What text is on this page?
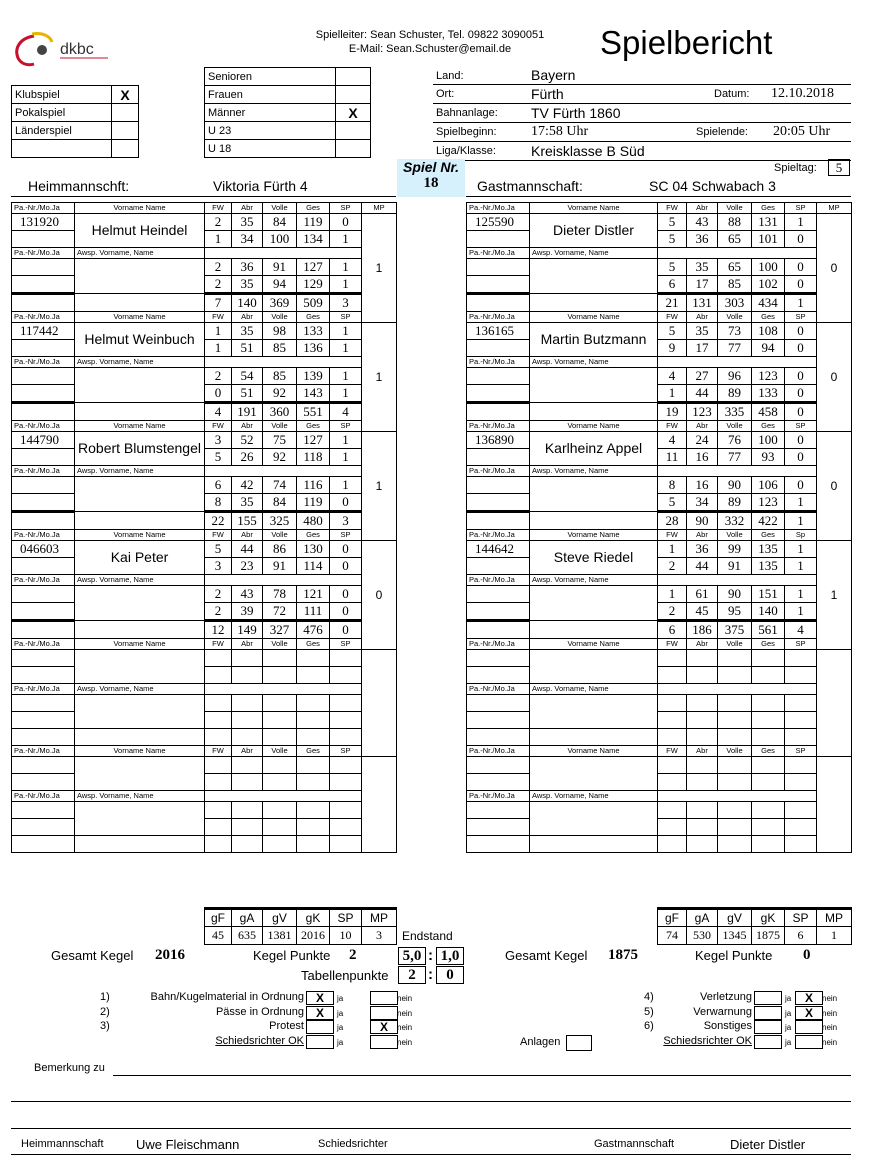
dkbc
Spielleiter: Sean Schuster, Tel. 09822 3090051
E-Mail: Sean.Schuster@email.de	Spielbericht
Klubspiel	X
Pokalspiel	
Länderspiel	

Senioren	
Frauen	
Männer	X
U 23	
U 18	
Land:	Bayern
Ort:	Fürth	Datum: 12.10.2018
Bahnanlage: TV Fürth 1860
Spielbeginn: 17:58 Uhr	Spielende: 20:05 Uhr
Liga/Klasse:	Kreisklasse B Süd
Spiel Nr.
18
Spieltag:	5
Heimmannschft:	Viktoria Fürth 4	Gastmannschaft:	SC 04 Schwabach 3
Pa.-Nr./Mo.Ja	Vorname Name	FW	Abr	Volle	Ges	SP	MP	
131920	Helmut Heindel	2	35	84	119	0	1	
		1	34	100	134	1		
Pa.-Nr./Mo.Ja	Awsp. Vorname, Name							
		2	36	91	127	1		
		2	35	94	129	1		
		7	140	369	509	3		
Pa.-Nr./Mo.Ja	Vorname Name	FW	Abr	Volle	Ges	SP	
117442	Helmut Weinbuch	1	35	98	133	1	1	
		1	51	85	136	1		
Pa.-Nr./Mo.Ja	Awsp. Vorname, Name							
		2	54	85	139	1		
		0	51	92	143	1		
		4	191	360	551	4		
Pa.-Nr./Mo.Ja	Vorname Name	FW	Abr	Volle	Ges	SP	
144790	Robert Blumstengel	3	52	75	127	1	1	
		5	26	92	118	1		
Pa.-Nr./Mo.Ja	Awsp. Vorname, Name							
		6	42	74	116	1		
		8	35	84	119	0		
		22	155	325	480	3		
Pa.-Nr./Mo.Ja	Vorname Name	FW	Abr	Volle	Ges	SP	
046603	Kai Peter	5	44	86	130	0	0	
		3	23	91	114	0		
Pa.-Nr./Mo.Ja	Awsp. Vorname, Name							
		2	43	78	121	0		
		2	39	72	111	0		
		12	149	327	476	0		
Pa.-Nr./Mo.Ja	Vorname Name	FW	Abr	Volle	Ges	SP	

Pa.-Nr./Mo.Ja	Awsp. Vorname, Name							

Pa.-Nr./Mo.Ja	Vorname Name	FW	Abr	Volle	Ges	SP	

Pa.-Nr./Mo.Ja	Awsp. Vorname, Name							

Pa.-Nr./Mo.Ja	Vorname Name	FW	Abr	Volle	Ges	SP	MP	
125590	Dieter Distler	5	43	88	131	1	0	
		5	36	65	101	0		
Pa.-Nr./Mo.Ja	Awsp. Vorname, Name							
		5	35	65	100	0		
		6	17	85	102	0		
		21	131	303	434	1		
Pa.-Nr./Mo.Ja	Vorname Name	FW	Abr	Volle	Ges	SP	
136165	Martin Butzmann	5	35	73	108	0	0	
		9	17	77	94	0		
Pa.-Nr./Mo.Ja	Awsp. Vorname, Name							
		4	27	96	123	0		
		1	44	89	133	0		
		19	123	335	458	0		
Pa.-Nr./Mo.Ja	Vorname Name	FW	Abr	Volle	Ges	SP	
136890	Karlheinz Appel	4	24	76	100	0	0	
		11	16	77	93	0		
Pa.-Nr./Mo.Ja	Awsp. Vorname, Name							
		8	16	90	106	0		
		5	34	89	123	1		
		28	90	332	422	1		
Pa.-Nr./Mo.Ja	Vorname Name	FW	Abr	Volle	Ges	Sp	
144642	Steve Riedel	1	36	99	135	1	1	
		2	44	91	135	1		
Pa.-Nr./Mo.Ja	Awsp. Vorname, Name							
		1	61	90	151	1		
		2	45	95	140	1		
		6	186	375	561	4		
Pa.-Nr./Mo.Ja	Vorname Name	FW	Abr	Volle	Ges	SP	

Pa.-Nr./Mo.Ja	Awsp. Vorname, Name							

Pa.-Nr./Mo.Ja	Vorname Name	FW	Abr	Volle	Ges	SP	

Pa.-Nr./Mo.Ja	Awsp. Vorname, Name							

gF	gA	gV	gK	SP	MP
45	635	1381	2016	10	3
gF	gA	gV	gK	SP	MP
74	530	1345	1875	6	1
Endstand
Gesamt Kegel 2016	Kegel Punkte 2	5,0 : 1,0
Tabellenpunkte	2 : 0
Gesamt Kegel 1875	Kegel Punkte 0
1)	Bahn/Kugelmaterial in Ordnung X	ja	nein
2)	Pässe in Ordnung X	ja	nein
3)	Protest	ja	X	nein
Schiedsrichter OK	ja	nein
4)	Verletzung	ja	X	nein
5)	Verwarnung	ja	X	nein
6)	Sonstiges	ja	nein
Schiedsrichter OK	ja	nein
Anlagen
Bemerkung zu
Heimmannschaft Uwe Fleischmann	Schiedsrichter	Gastmannschaft	Dieter Distler
